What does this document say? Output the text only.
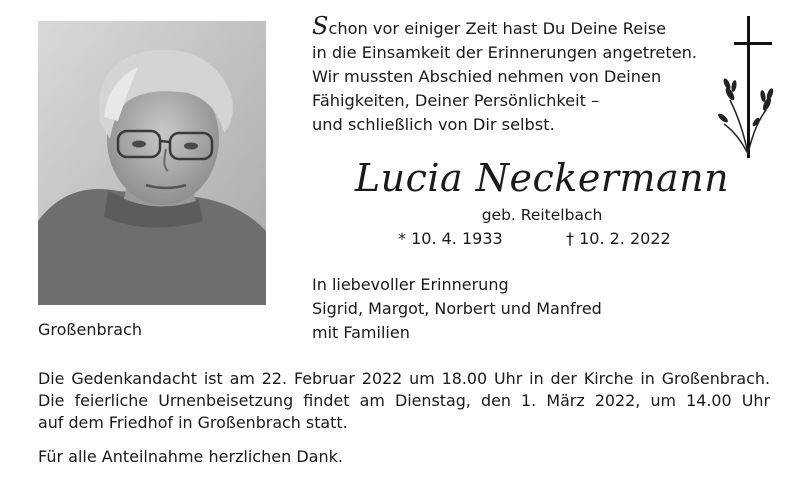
Großenbrach
Schon vor einiger Zeit hast Du Deine Reise
in die Einsamkeit der Erinnerungen angetreten.
Wir mussten Abschied nehmen von Deinen
Fähigkeiten, Deiner Persönlichkeit –
und schließlich von Dir selbst.
Lucia Neckermann
geb. Reitelbach
* 10. 4. 1933	† 10. 2. 2022
In liebevoller Erinnerung
Sigrid, Margot, Norbert und Manfred
mit Familien

Die Gedenkandacht ist am 22. Februar 2022 um 18.00 Uhr in der Kirche in Großenbrach.

Die feierliche Urnenbeisetzung findet am Dienstag, den 1. März 2022, um 14.00 Uhr

auf dem Friedhof in Großenbrach statt.

Für alle Anteilnahme herzlichen Dank.
